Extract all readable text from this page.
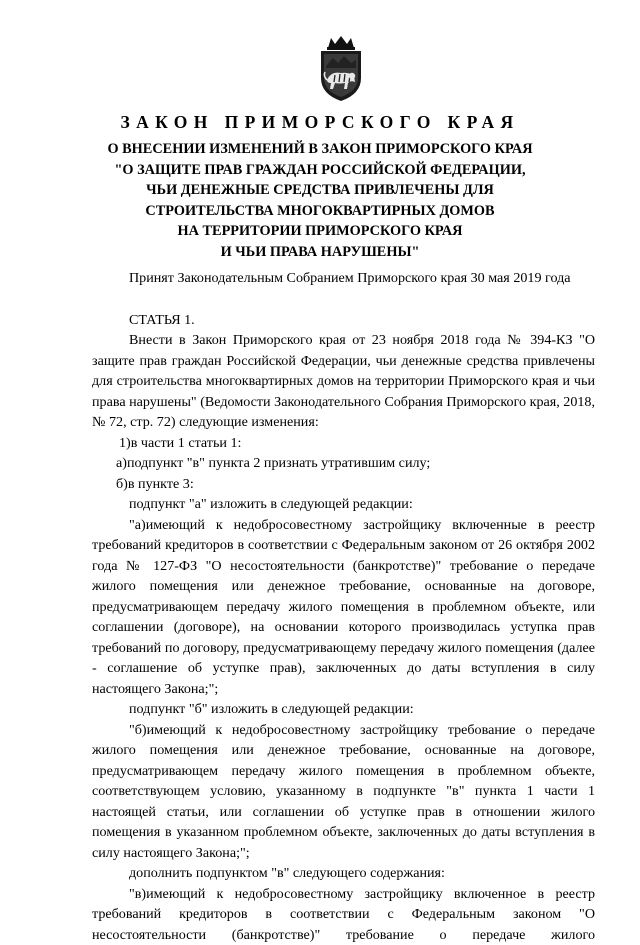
ЗАКОН ПРИМОРСКОГО КРАЯ
О ВНЕСЕНИИ ИЗМЕНЕНИЙ В ЗАКОН ПРИМОРСКОГО КРАЯ
"О ЗАЩИТЕ ПРАВ ГРАЖДАН РОССИЙСКОЙ ФЕДЕРАЦИИ,
ЧЬИ ДЕНЕЖНЫЕ СРЕДСТВА ПРИВЛЕЧЕНЫ ДЛЯ
СТРОИТЕЛЬСТВА МНОГОКВАРТИРНЫХ ДОМОВ
НА ТЕРРИТОРИИ ПРИМОРСКОГО КРАЯ
И ЧЬИ ПРАВА НАРУШЕНЫ"

Принят Законодательным Собранием Приморского края 30 мая 2019 года

СТАТЬЯ 1.

Внести в Закон Приморского края от 23 ноября 2018 года № 394-КЗ "О защите прав граждан Российской Федерации, чьи денежные средства привлечены для строительства многоквартирных домов на территории Приморского края и чьи права нарушены" (Ведомости Законодательного Собрания Приморского края, 2018, № 72, стр. 72) следующие изменения:

1)в части 1 статьи 1:

а)подпункт "в" пункта 2 признать утратившим силу;

б)в пункте 3:

подпункт "а" изложить в следующей редакции:

"а)имеющий к недобросовестному застройщику включенные в реестр требований кредиторов в соответствии с Федеральным законом от 26 октября 2002 года № 127-ФЗ "О несостоятельности (банкротстве)" требование о передаче жилого помещения или денежное требование, основанные на договоре, предусматривающем передачу жилого помещения в проблемном объекте, или соглашении (договоре), на основании которого производилась уступка прав требований по договору, предусматривающему передачу жилого помещения (далее - соглашение об уступке прав), заключенных до даты вступления в силу настоящего Закона;";

подпункт "б" изложить в следующей редакции:

"б)имеющий к недобросовестному застройщику требование о передаче жилого помещения или денежное требование, основанные на договоре, предусматривающем передачу жилого помещения в проблемном объекте, соответствующем условию, указанному в подпункте "в" пункта 1 части 1 настоящей статьи, или соглашении об уступке прав в отношении жилого помещения в указанном проблемном объекте, заключенных до даты вступления в силу настоящего Закона;";

дополнить подпунктом "в" следующего содержания:

"в)имеющий к недобросовестному застройщику включенное в реестр требований кредиторов в соответствии с Федеральным законом "О несостоятельности (банкротстве)" требование о передаче жилого
